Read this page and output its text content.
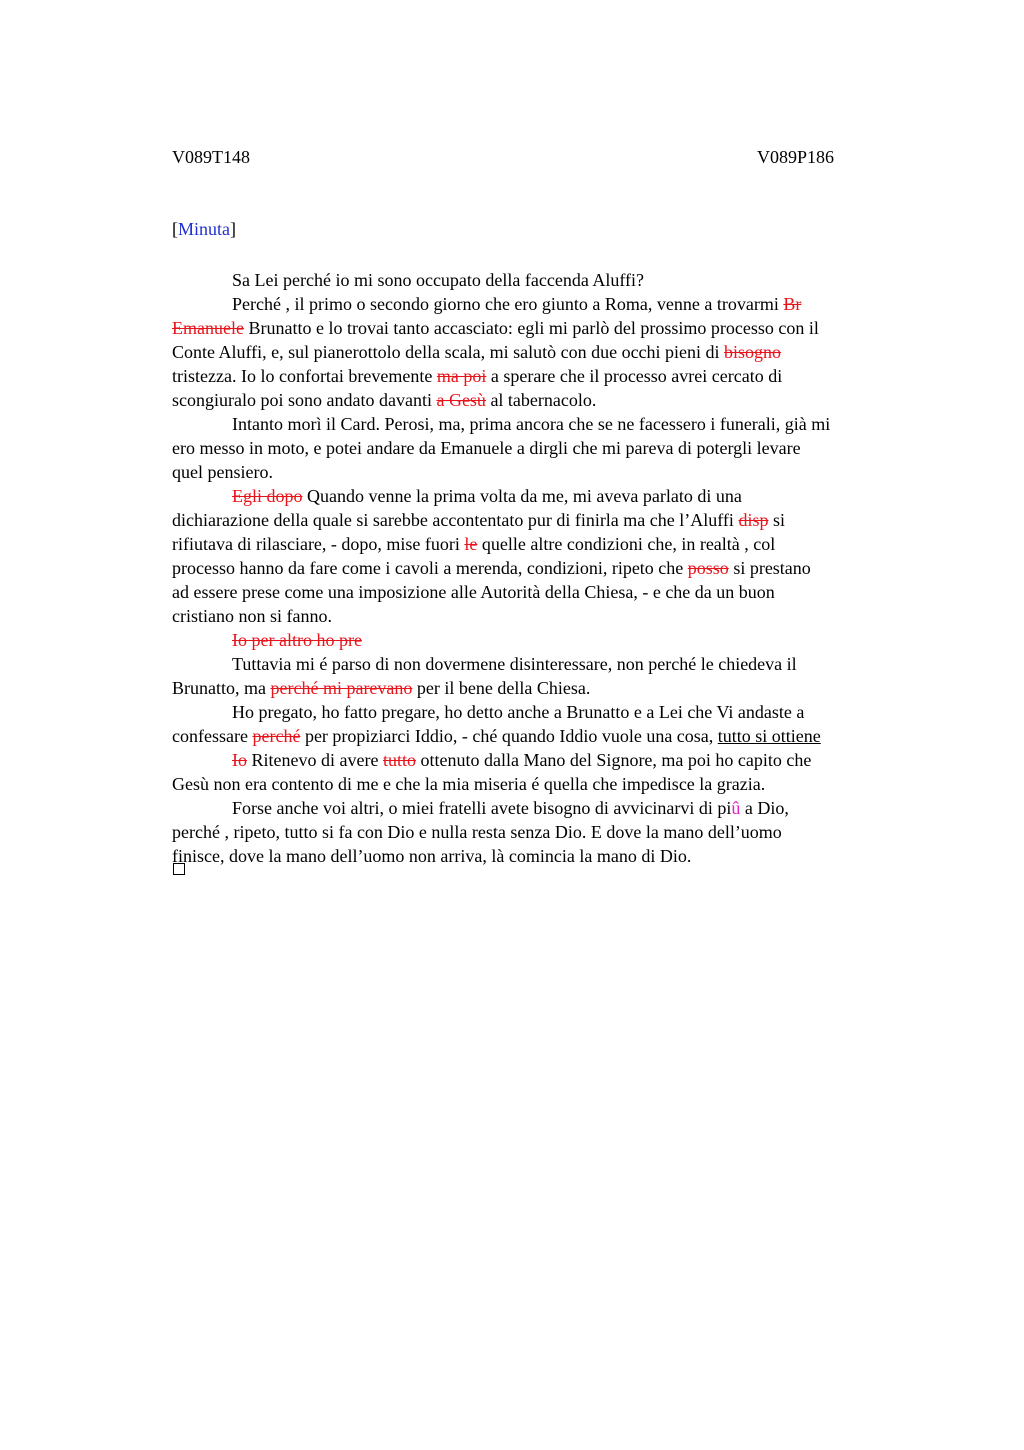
V089T148	V089P186
[Minuta]
Sa Lei perché io mi sono occupato della faccenda Aluffi?
Perché , il primo o secondo giorno che ero giunto a Roma, venne a trovarmi Br
Emanuele Brunatto e lo trovai tanto accasciato: egli mi parlò del prossimo processo con il
Conte Aluffi, e, sul pianerottolo della scala, mi salutò con due occhi pieni di bisogno
tristezza. Io lo confortai brevemente ma poi a sperare che il processo avrei cercato di
scongiuralo poi sono andato davanti a Gesù al tabernacolo.
Intanto morì il Card. Perosi, ma, prima ancora che se ne facessero i funerali, già mi
ero messo in moto, e potei andare da Emanuele a dirgli che mi pareva di potergli levare
quel pensiero.
Egli dopo Quando venne la prima volta da me, mi aveva parlato di una
dichiarazione della quale si sarebbe accontentato pur di finirla ma che l’Aluffi disp si
rifiutava di rilasciare, - dopo, mise fuori le quelle altre condizioni che, in realtà , col
processo hanno da fare come i cavoli a merenda, condizioni, ripeto che posso si prestano
ad essere prese come una imposizione alle Autorità della Chiesa, - e che da un buon
cristiano non si fanno.
Io per altro ho pre
Tuttavia mi é parso di non dovermene disinteressare, non perché le chiedeva il
Brunatto, ma perché mi parevano per il bene della Chiesa.
Ho pregato, ho fatto pregare, ho detto anche a Brunatto e a Lei che Vi andaste a
confessare perché per propiziarci Iddio, - ché quando Iddio vuole una cosa, tutto si ottiene
Io Ritenevo di avere tutto ottenuto dalla Mano del Signore, ma poi ho capito che
Gesù non era contento di me e che la mia miseria é quella che impedisce la grazia.
Forse anche voi altri, o miei fratelli avete bisogno di avvicinarvi di piû a Dio,
perché , ripeto, tutto si fa con Dio e nulla resta senza Dio. E dove la mano dell’uomo
finisce, dove la mano dell’uomo non arriva, là comincia la mano di Dio.
